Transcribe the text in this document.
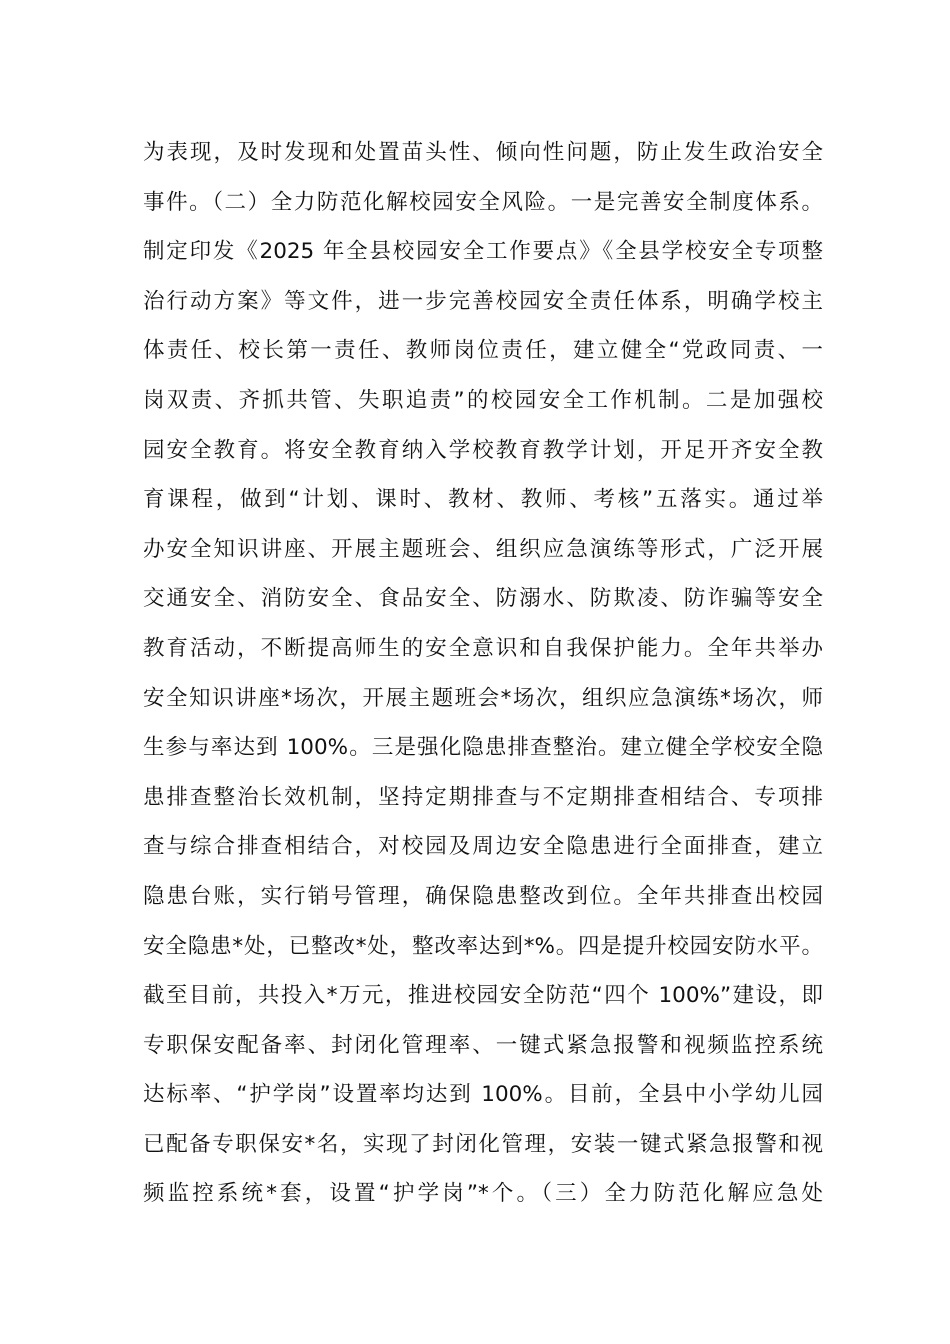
为表现，及时发现和处置苗头性、倾向性问题，防止发生政治安全
事件。（二）全力防范化解校园安全风险。一是完善安全制度体系。
制定印发《2025 年全县校园安全工作要点》《全县学校安全专项整
治行动方案》等文件，进一步完善校园安全责任体系，明确学校主
体责任、校长第一责任、教师岗位责任，建立健全“党政同责、一
岗双责、齐抓共管、失职追责”的校园安全工作机制。二是加强校
园安全教育。将安全教育纳入学校教育教学计划，开足开齐安全教
育课程，做到“计划、课时、教材、教师、考核”五落实。通过举
办安全知识讲座、开展主题班会、组织应急演练等形式，广泛开展
交通安全、消防安全、食品安全、防溺水、防欺凌、防诈骗等安全
教育活动，不断提高师生的安全意识和自我保护能力。全年共举办
安全知识讲座*场次，开展主题班会*场次，组织应急演练*场次，师
生参与率达到 100%。三是强化隐患排查整治。建立健全学校安全隐
患排查整治长效机制，坚持定期排查与不定期排查相结合、专项排
查与综合排查相结合，对校园及周边安全隐患进行全面排查，建立
隐患台账，实行销号管理，确保隐患整改到位。全年共排查出校园
安全隐患*处，已整改*处，整改率达到*%。四是提升校园安防水平。
截至目前，共投入*万元，推进校园安全防范“四个 100%”建设，即
专职保安配备率、封闭化管理率、一键式紧急报警和视频监控系统
达标率、“护学岗”设置率均达到 100%。目前，全县中小学幼儿园
已配备专职保安*名，实现了封闭化管理，安装一键式紧急报警和视
频监控系统*套，设置“护学岗”*个。（三）全力防范化解应急处
